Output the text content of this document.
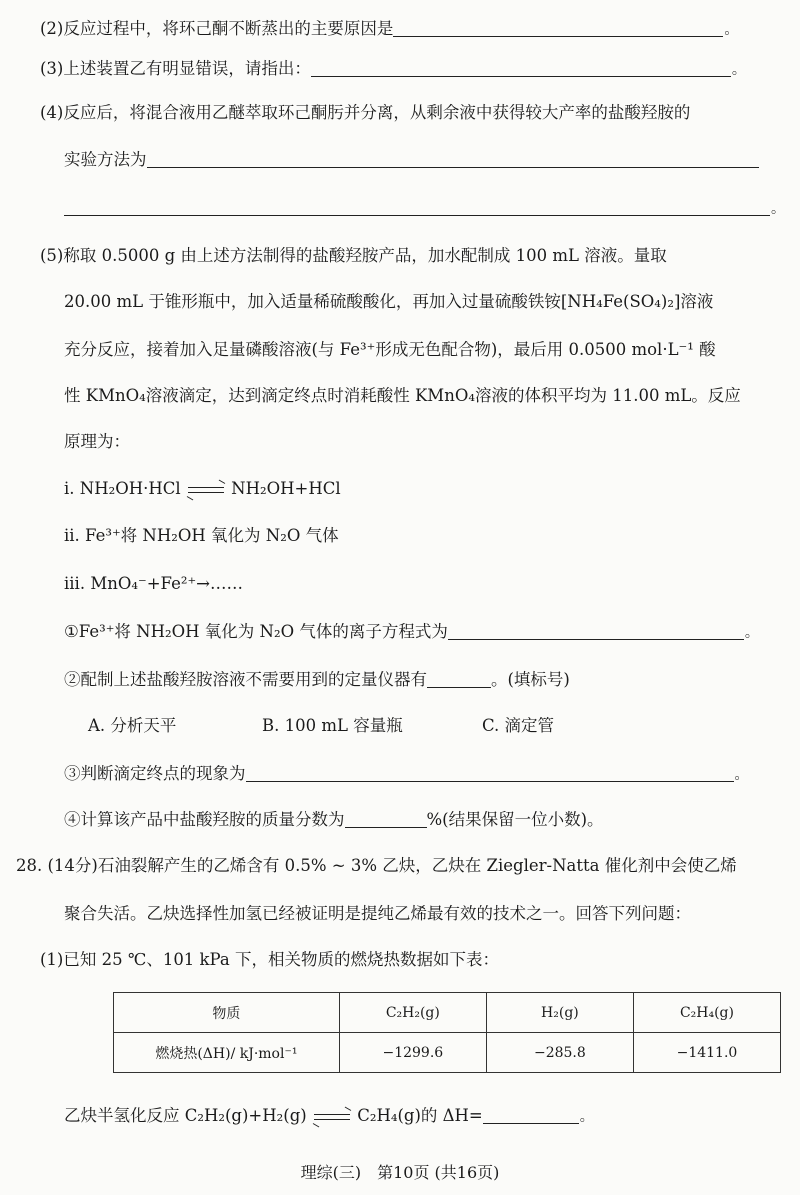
(2)反应过程中，将环己酮不断蒸出的主要原因是	。
(3)上述装置乙有明显错误，请指出：	。
(4)反应后，将混合液用乙醚萃取环己酮肟并分离，从剩余液中获得较大产率的盐酸羟胺的
实验方法为
。
(5)称取 0.5000 g 由上述方法制得的盐酸羟胺产品，加水配制成 100 mL 溶液。量取
20.00 mL 于锥形瓶中，加入适量稀硫酸酸化，再加入过量硫酸铁铵[NH₄Fe(SO₄)₂]溶液
充分反应，接着加入足量磷酸溶液(与 Fe³⁺形成无色配合物)，最后用 0.0500 mol·L⁻¹ 酸
性 KMnO₄溶液滴定，达到滴定终点时消耗酸性 KMnO₄溶液的体积平均为 11.00 mL。反应
原理为：
i. NH₂OH·HCl	NH₂OH+HCl
ii. Fe³⁺将 NH₂OH 氧化为 N₂O 气体
iii. MnO₄⁻+Fe²⁺→……
①Fe³⁺将 NH₂OH 氧化为 N₂O 气体的离子方程式为	。
②配制上述盐酸羟胺溶液不需要用到的定量仪器有	。(填标号)
A. 分析天平	B. 100 mL 容量瓶	C. 滴定管
③判断滴定终点的现象为	。
④计算该产品中盐酸羟胺的质量分数为	%(结果保留一位小数)。
28. (14分)石油裂解产生的乙烯含有 0.5% ~ 3% 乙炔，乙炔在 Ziegler-Natta 催化剂中会使乙烯
聚合失活。乙炔选择性加氢已经被证明是提纯乙烯最有效的技术之一。回答下列问题：
(1)已知 25 ℃、101 kPa 下，相关物质的燃烧热数据如下表：
物质	C₂H₂(g)	H₂(g)	C₂H₄(g)
燃烧热(ΔH)/ kJ·mol⁻¹	−1299.6	−285.8	−1411.0
乙炔半氢化反应 C₂H₂(g)+H₂(g)	C₂H₄(g)的 ΔH=	。
理综(三)　第10页 (共16页)
